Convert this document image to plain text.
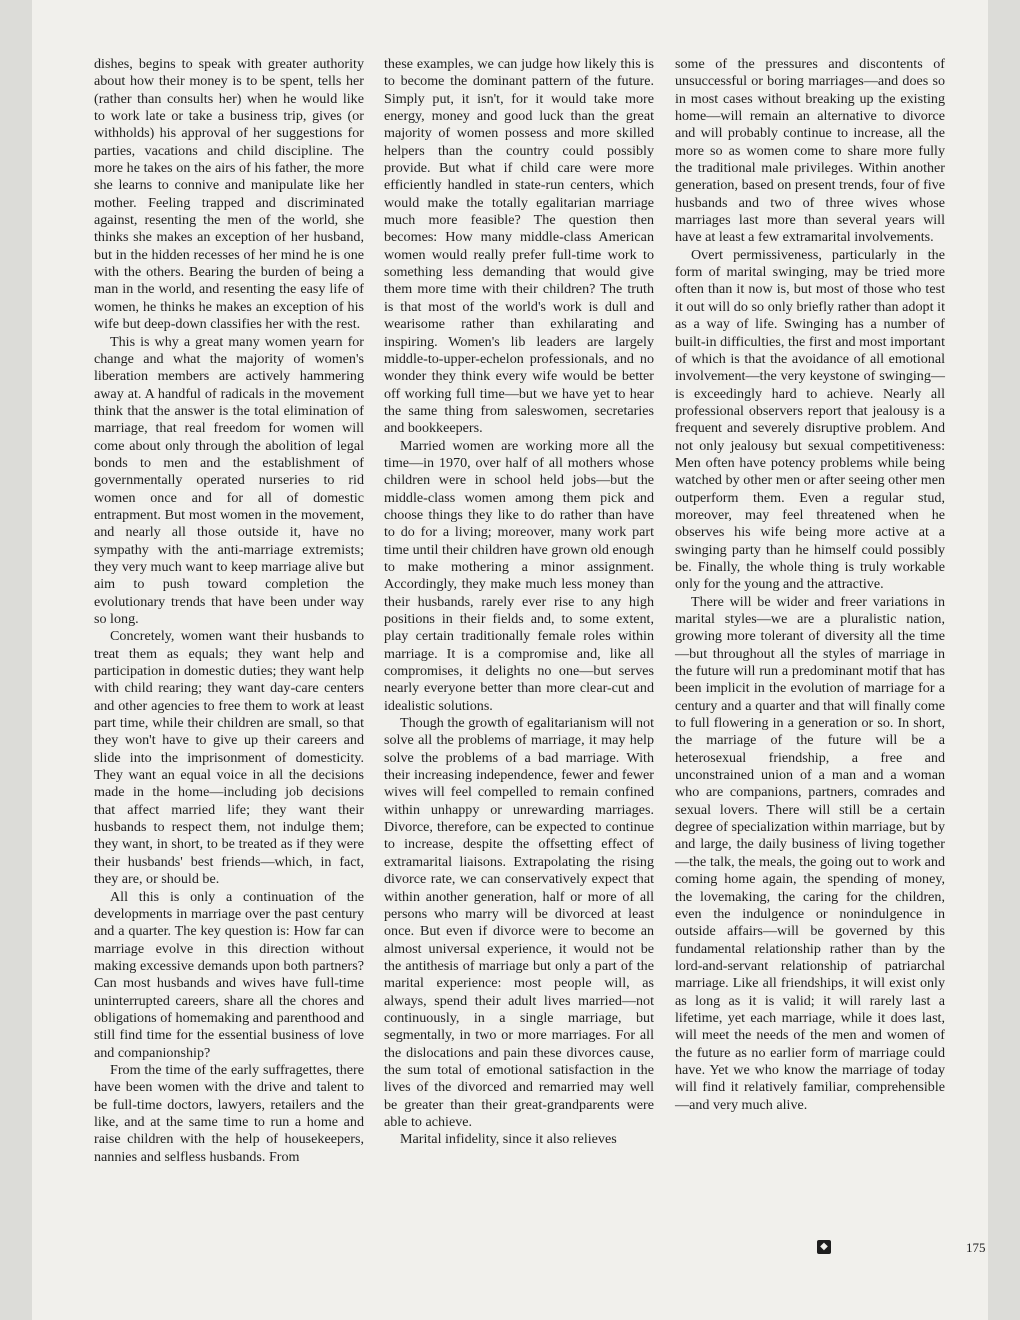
dishes, begins to speak with greater authority about how their money is to be spent, tells her (rather than consults her) when he would like to work late or take a business trip, gives (or withholds) his approval of her suggestions for parties, vacations and child discipline. The more he takes on the airs of his father, the more she learns to connive and manipulate like her mother. Feeling trapped and discriminated against, resenting the men of the world, she thinks she makes an exception of her husband, but in the hidden recesses of her mind he is one with the others. Bearing the burden of being a man in the world, and resenting the easy life of women, he thinks he makes an exception of his wife but deep-down classifies her with the rest.

This is why a great many women yearn for change and what the majority of women's liberation members are actively hammering away at. A handful of radicals in the movement think that the answer is the total elimination of marriage, that real freedom for women will come about only through the abolition of legal bonds to men and the establishment of governmentally operated nurseries to rid women once and for all of domestic entrapment. But most women in the movement, and nearly all those outside it, have no sympathy with the anti-marriage extremists; they very much want to keep marriage alive but aim to push toward completion the evolutionary trends that have been under way so long.

Concretely, women want their husbands to treat them as equals; they want help and participation in domestic duties; they want help with child rearing; they want day-care centers and other agencies to free them to work at least part time, while their children are small, so that they won't have to give up their careers and slide into the imprisonment of domesticity. They want an equal voice in all the decisions made in the home—including job decisions that affect married life; they want their husbands to respect them, not indulge them; they want, in short, to be treated as if they were their husbands' best friends—which, in fact, they are, or should be.

All this is only a continuation of the developments in marriage over the past century and a quarter. The key question is: How far can marriage evolve in this direction without making excessive demands upon both partners? Can most husbands and wives have full-time uninterrupted careers, share all the chores and obligations of homemaking and parenthood and still find time for the essential business of love and companionship?

From the time of the early suffragettes, there have been women with the drive and talent to be full-time doctors, lawyers, retailers and the like, and at the same time to run a home and raise children with the help of housekeepers, nannies and selfless husbands. From

these examples, we can judge how likely this is to become the dominant pattern of the future. Simply put, it isn't, for it would take more energy, money and good luck than the great majority of women possess and more skilled helpers than the country could possibly provide. But what if child care were more efficiently handled in state-run centers, which would make the totally egalitarian marriage much more feasible? The question then becomes: How many middle-class American women would really prefer full-time work to something less demanding that would give them more time with their children? The truth is that most of the world's work is dull and wearisome rather than exhilarating and inspiring. Women's lib leaders are largely middle-to-upper-echelon professionals, and no wonder they think every wife would be better off working full time—but we have yet to hear the same thing from saleswomen, secretaries and bookkeepers.

Married women are working more all the time—in 1970, over half of all mothers whose children were in school held jobs—but the middle-class women among them pick and choose things they like to do rather than have to do for a living; moreover, many work part time until their children have grown old enough to make mothering a minor assignment. Accordingly, they make much less money than their husbands, rarely ever rise to any high positions in their fields and, to some extent, play certain traditionally female roles within marriage. It is a compromise and, like all compromises, it delights no one—but serves nearly everyone better than more clear-cut and idealistic solutions.

Though the growth of egalitarianism will not solve all the problems of marriage, it may help solve the problems of a bad marriage. With their increasing independence, fewer and fewer wives will feel compelled to remain confined within unhappy or unrewarding marriages. Divorce, therefore, can be expected to continue to increase, despite the offsetting effect of extramarital liaisons. Extrapolating the rising divorce rate, we can conservatively expect that within another generation, half or more of all persons who marry will be divorced at least once. But even if divorce were to become an almost universal experience, it would not be the antithesis of marriage but only a part of the marital experience: most people will, as always, spend their adult lives married—not continuously, in a single marriage, but segmentally, in two or more marriages. For all the dislocations and pain these divorces cause, the sum total of emotional satisfaction in the lives of the divorced and remarried may well be greater than their great-grandparents were able to achieve.

Marital infidelity, since it also relieves

some of the pressures and discontents of unsuccessful or boring marriages—and does so in most cases without breaking up the existing home—will remain an alternative to divorce and will probably continue to increase, all the more so as women come to share more fully the traditional male privileges. Within another generation, based on present trends, four of five husbands and two of three wives whose marriages last more than several years will have at least a few extramarital involvements.

Overt permissiveness, particularly in the form of marital swinging, may be tried more often than it now is, but most of those who test it out will do so only briefly rather than adopt it as a way of life. Swinging has a number of built-in difficulties, the first and most important of which is that the avoidance of all emotional involvement—the very keystone of swinging—is exceedingly hard to achieve. Nearly all professional observers report that jealousy is a frequent and severely disruptive problem. And not only jealousy but sexual competitiveness: Men often have potency problems while being watched by other men or after seeing other men outperform them. Even a regular stud, moreover, may feel threatened when he observes his wife being more active at a swinging party than he himself could possibly be. Finally, the whole thing is truly workable only for the young and the attractive.

There will be wider and freer variations in marital styles—we are a pluralistic nation, growing more tolerant of diversity all the time—but throughout all the styles of marriage in the future will run a predominant motif that has been implicit in the evolution of marriage for a century and a quarter and that will finally come to full flowering in a generation or so. In short, the marriage of the future will be a heterosexual friendship, a free and unconstrained union of a man and a woman who are companions, partners, comrades and sexual lovers. There will still be a certain degree of specialization within marriage, but by and large, the daily business of living together—the talk, the meals, the going out to work and coming home again, the spending of money, the lovemaking, the caring for the children, even the indulgence or nonindulgence in outside affairs—will be governed by this fundamental relationship rather than by the lord-and-servant relationship of patriarchal marriage. Like all friendships, it will exist only as long as it is valid; it will rarely last a lifetime, yet each marriage, while it does last, will meet the needs of the men and women of the future as no earlier form of marriage could have. Yet we who know the marriage of today will find it relatively familiar, comprehensible—and very much alive.

◆	175
